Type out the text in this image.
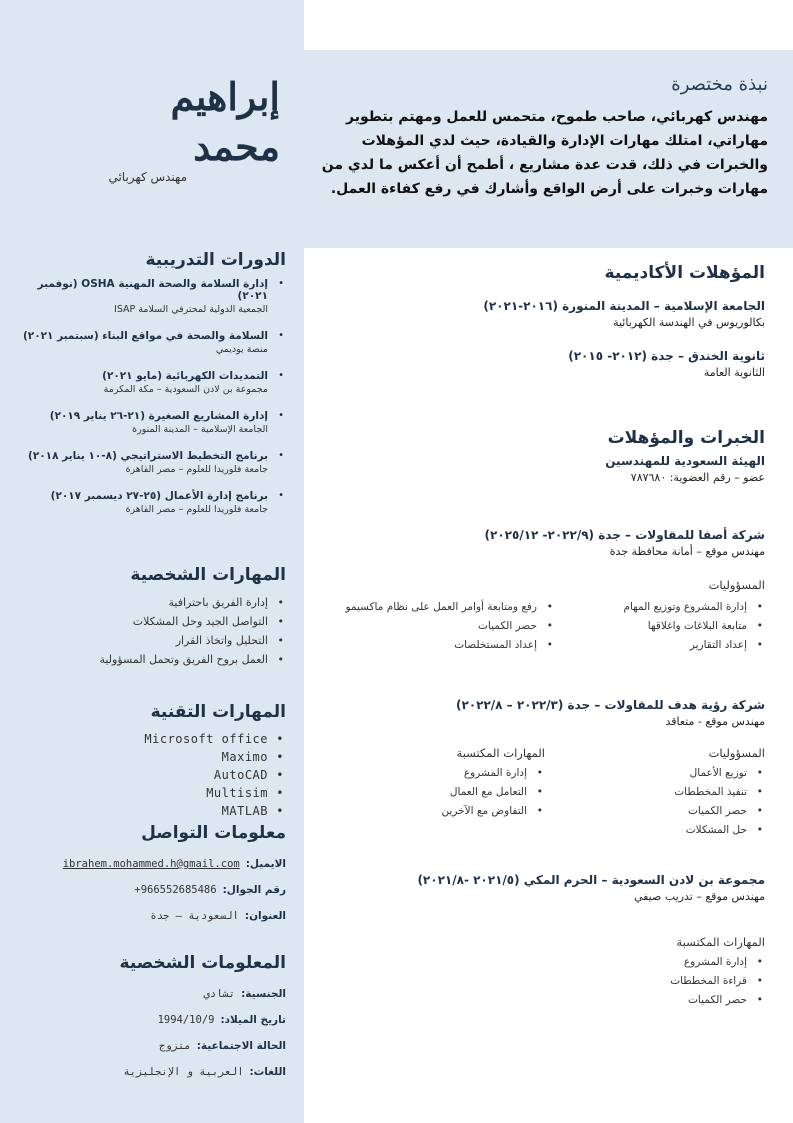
إبراهيم
محمد
مهندس كهربائي
نبذة مختصرة

مهندس كهربائي، صاحب طموح، متحمس للعمل ومهتم بتطوير مهاراتي، امتلك مهارات الإدارة والقيادة، حيث لدي المؤهلات والخبرات في ذلك، قدت عدة مشاريع ، أطمح أن أعكس ما لدي من مهارات وخبرات على أرض الواقع وأشارك في رفع كفاءة العمل.

الدورات التدريبية
• إدارة السلامة والصحة المهنية OSHA (نوفمبر ٢٠٢١)
الجمعية الدولية لمحترفي السلامة ISAP
• السلامة والصحة في مواقع البناء (سبتمبر ٢٠٢١)
منصة يوديمي
• التمديدات الكهربائية (مايو ٢٠٢١)
مجموعة بن لادن السعودية – مكة المكرمة
• إدارة المشاريع الصغيرة (٢١-٢٦ يناير ٢٠١٩)
الجامعة الإسلامية – المدينة المنورة
• برنامج التخطيط الاستراتيجي (٨-١٠ يناير ٢٠١٨)
جامعة فلوريدا للعلوم – مصر القاهرة
• برنامج إدارة الأعمال (٢٥-٢٧ ديسمبر ٢٠١٧)
جامعة فلوريدا للعلوم – مصر القاهرة
المهارات الشخصية
• إدارة الفريق باحترافية
• التواصل الجيد وحل المشكلات
• التحليل واتخاذ القرار
• العمل بروح الفريق وتحمل المسؤولية
المهارات التقنية
• Microsoft office
• Maximo
• AutoCAD
• Multisim
• MATLAB
معلومات التواصل
الايميل:ibrahem.mohammed.h@gmail.com
رقم الجوال:+966552685486
العنوان:السعودية – جدة
المعلومات الشخصية
الجنسية:تشادي
تاريخ الميلاد:1994/10/9
الحالة الاجتماعية:متزوج
اللغات:العربية و الإنجليزية
المؤهلات الأكاديمية
الجامعة الإسلامية – المدينة المنورة (٢٠١٦-٢٠٢١)
بكالوريوس في الهندسة الكهربائية
ثانوية الخندق – جدة (٢٠١٢- ٢٠١٥)
الثانوية العامة
الخبرات والمؤهلات
الهيئة السعودية للمهندسين
عضو – رقم العضوية: ٧٨٧٦٨٠
شركة أصفا للمقاولات – جدة (٢٠٢٢/٩- ٢٠٢٥/١٢)
مهندس موقع – أمانة محافظة جدة
المسؤوليات
• إدارة المشروع وتوزيع المهام
• متابعة البلاغات واغلاقها
• إعداد التقارير
• رفع ومتابعة أوامر العمل على نظام ماكسيمو
• حصر الكميات
• إعداد المستخلصات
شركة رؤية هدف للمقاولات – جدة (٢٠٢٢/٣ – ٢٠٢٢/٨)
مهندس موقع - متعاقد
المسؤوليات
• توزيع الأعمال
• تنفيذ المخططات
• حصر الكميات
• حل المشكلات
المهارات المكتسبة
• إدارة المشروع
• التعامل مع العمال
• التفاوض مع الآخرين
مجموعة بن لادن السعودية – الحرم المكي (٢٠٢١/٥ -٢٠٢١/٨)
مهندس موقع – تدريب صيفي
المهارات المكتسبة
• إدارة المشروع
• قراءة المخططات
• حصر الكميات
